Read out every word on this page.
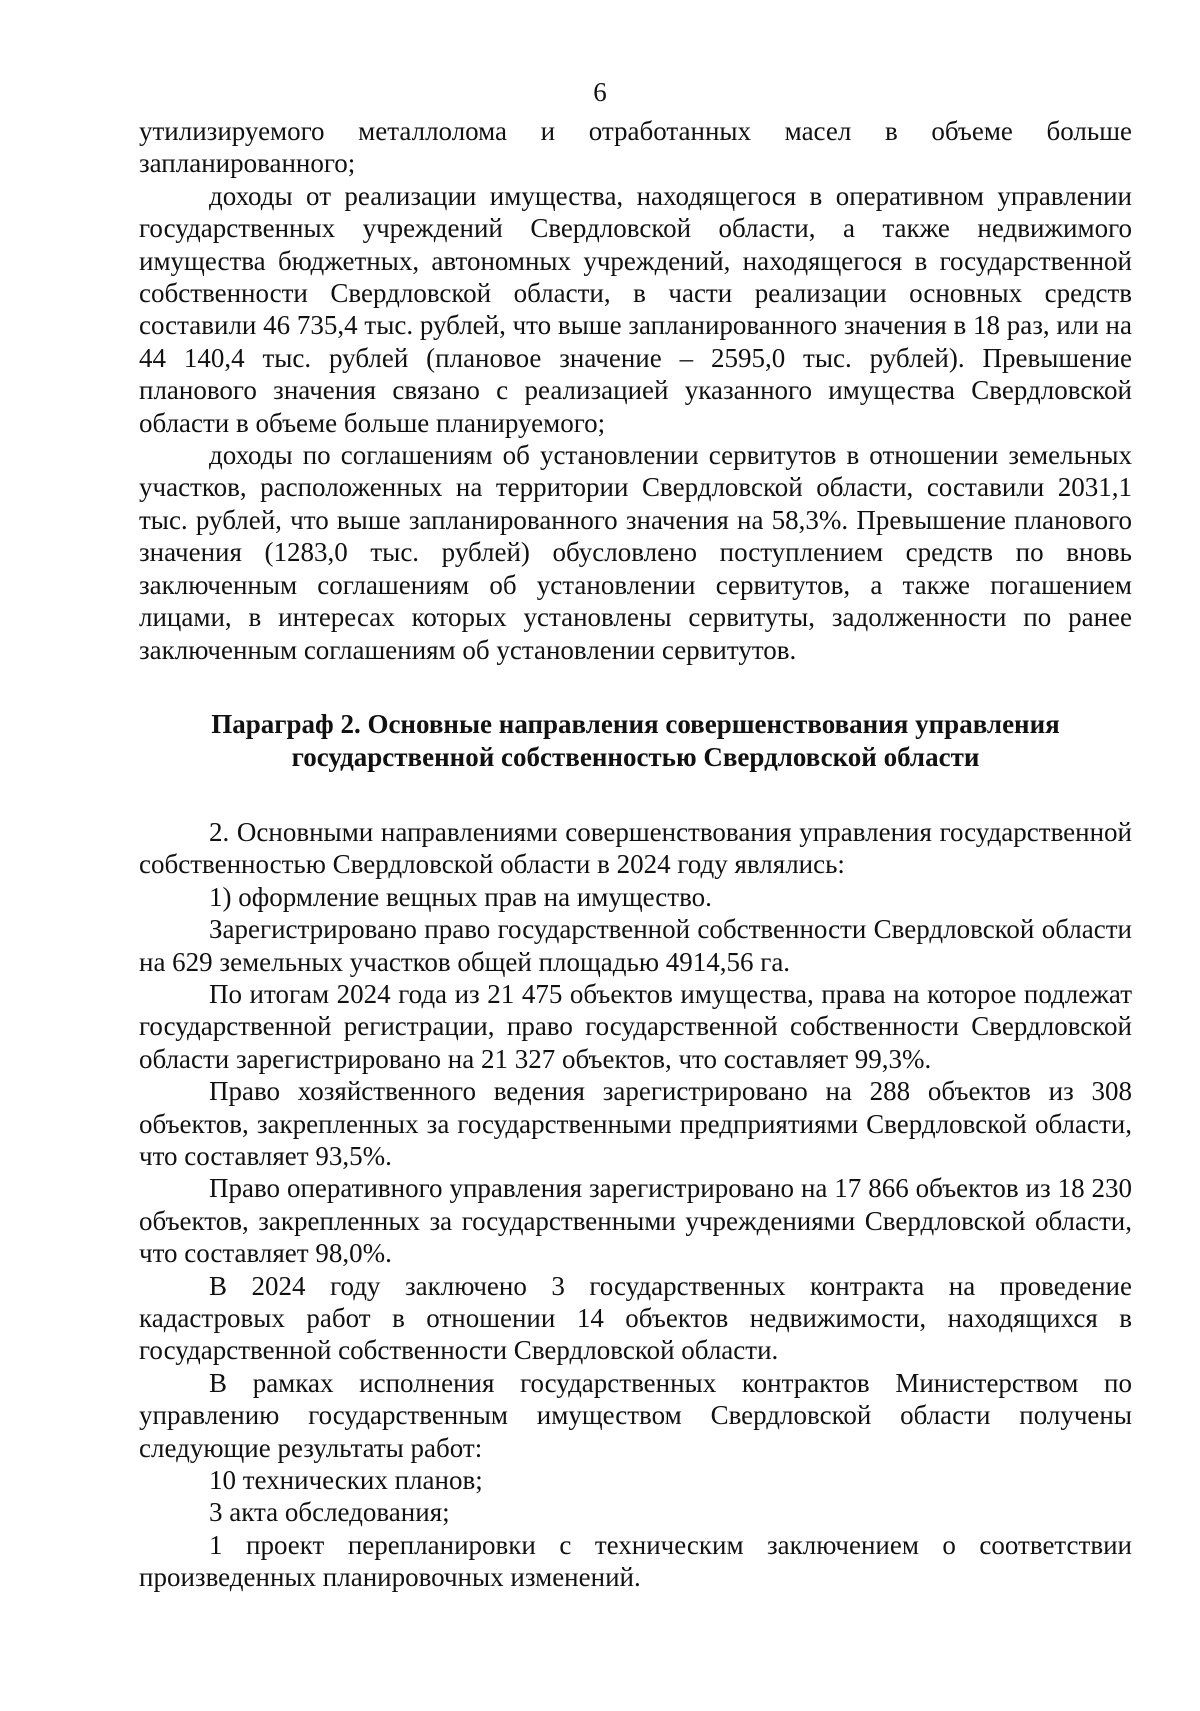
6

утилизируемого металлолома и отработанных масел в объеме больше запланированного;

доходы от реализации имущества, находящегося в оперативном управлении государственных учреждений Свердловской области, а также недвижимого имущества бюджетных, автономных учреждений, находящегося в государственной собственности Свердловской области, в части реализации основных средств составили 46 735,4 тыс. рублей, что выше запланированного значения в 18 раз, или на 44 140,4 тыс. рублей (плановое значение – 2595,0 тыс. рублей). Превышение планового значения связано с реализацией указанного имущества Свердловской области в объеме больше планируемого;

доходы по соглашениям об установлении сервитутов в отношении земельных участков, расположенных на территории Свердловской области, составили 2031,1 тыс. рублей, что выше запланированного значения на 58,3%. Превышение планового значения (1283,0 тыс. рублей) обусловлено поступлением средств по вновь заключенным соглашениям об установлении сервитутов, а также погашением лицами, в интересах которых установлены сервитуты, задолженности по ранее заключенным соглашениям об установлении сервитутов.

Параграф 2. Основные направления совершенствования управления
государственной собственностью Свердловской области

2. Основными направлениями совершенствования управления государственной собственностью Свердловской области в 2024 году являлись:

1) оформление вещных прав на имущество.

Зарегистрировано право государственной собственности Свердловской области на 629 земельных участков общей площадью 4914,56 га.

По итогам 2024 года из 21 475 объектов имущества, права на которое подлежат государственной регистрации, право государственной собственности Свердловской области зарегистрировано на 21 327 объектов, что составляет 99,3%.

Право хозяйственного ведения зарегистрировано на 288 объектов из 308 объектов, закрепленных за государственными предприятиями Свердловской области, что составляет 93,5%.

Право оперативного управления зарегистрировано на 17 866 объектов из 18 230 объектов, закрепленных за государственными учреждениями Свердловской области, что составляет 98,0%.

В 2024 году заключено 3 государственных контракта на проведение кадастровых работ в отношении 14 объектов недвижимости, находящихся в государственной собственности Свердловской области.

В рамках исполнения государственных контрактов Министерством по управлению государственным имуществом Свердловской области получены следующие результаты работ:

10 технических планов;

3 акта обследования;

1 проект перепланировки с техническим заключением о соответствии произведенных планировочных изменений.
